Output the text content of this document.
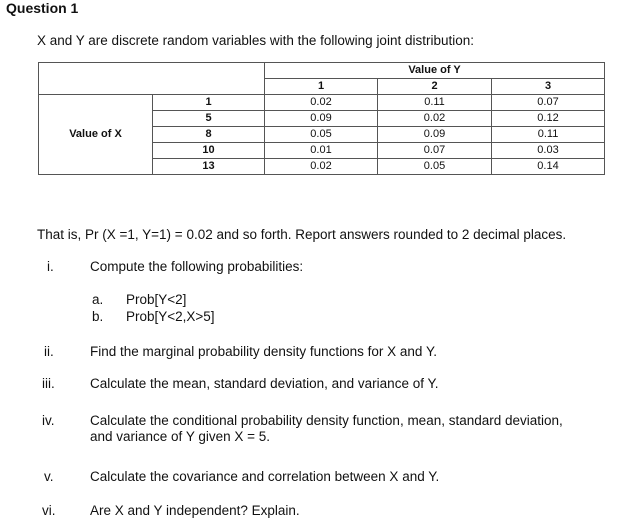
Question 1
X and Y are discrete random variables with the following joint distribution:
		Value of Y		
		1	2	3
Value of X	1	0.02	0.11	0.07
	5	0.09	0.02	0.12
	8	0.05	0.09	0.11
	10	0.01	0.07	0.03
	13	0.02	0.05	0.14
That is, Pr (X =1, Y=1) = 0.02 and so forth. Report answers rounded to 2 decimal places.
i.	Compute the following probabilities:
a. Prob[Y<2]
b. Prob[Y<2,X>5]
ii.	Find the marginal probability density functions for X and Y.
iii.	Calculate the mean, standard deviation, and variance of Y.
iv.	Calculate the conditional probability density function, mean, standard deviation,
and variance of Y given X = 5.
v.	Calculate the covariance and correlation between X and Y.
vi.	Are X and Y independent? Explain.
